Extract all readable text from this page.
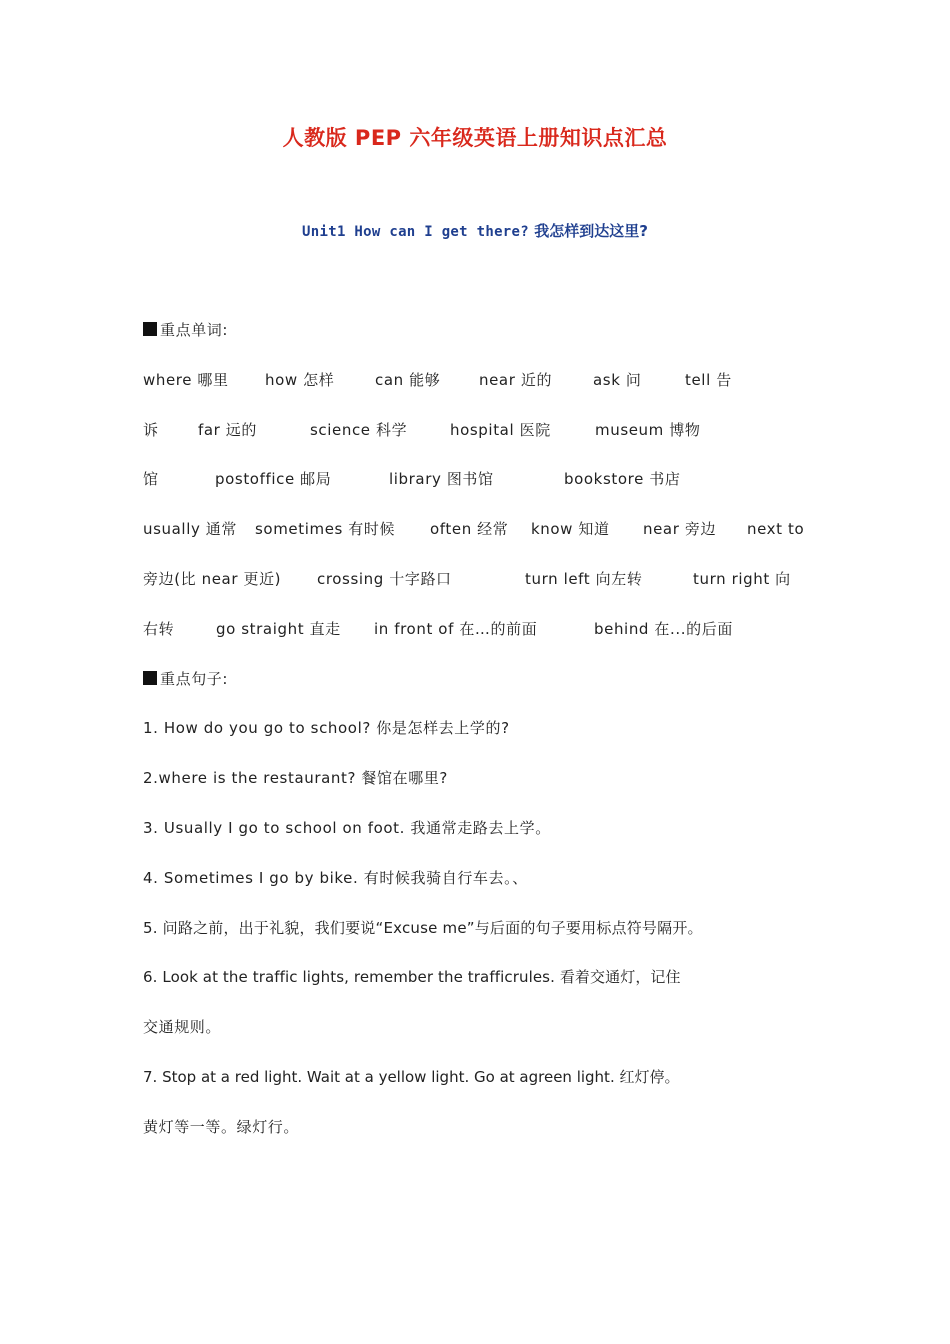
人教版 PEP 六年级英语上册知识点汇总
Unit1 How can I get there? 我怎样到达这里?
重点单词:
where 哪里 how 怎样	can 能够	near 近的	ask 问	tell 告
诉	far 远的	science 科学	hospital 医院	museum 博物
馆	postoffice 邮局	library 图书馆	bookstore 书店
usually 通常 sometimes 有时候 often 经常 know 知道 near 旁边 next to
旁边(比 near 更近) crossing 十字路口	turn left 向左转	turn right 向
右转	go straight 直走 in front of 在…的前面	behind 在...的后面
重点句子:
1. How do you go to school? 你是怎样去上学的?
2.where is the restaurant? 餐馆在哪里?
3. Usually I go to school on foot. 我通常走路去上学。
4. Sometimes I go by bike. 有时候我骑自行车去。、
5. 问路之前，出于礼貌，我们要说“Excuse me”与后面的句子要用标点符号隔开。
6. Look at the traffic lights, remember the trafficrules. 看着交通灯，记住
交通规则。
7. Stop at a red light. Wait at a yellow light. Go at agreen light. 红灯停。
黄灯等一等。绿灯行。
